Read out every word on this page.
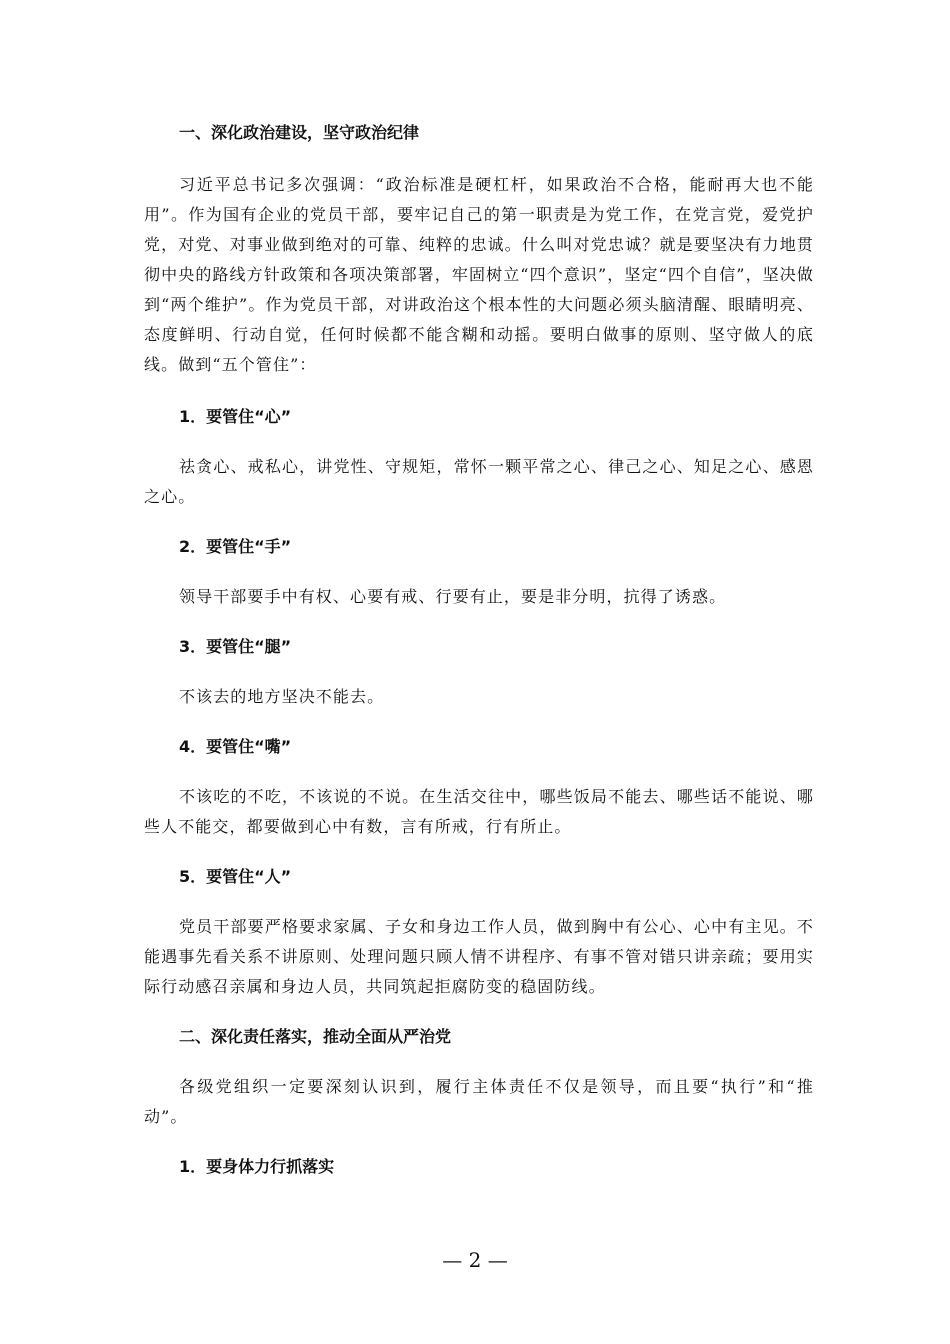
一、深化政治建设，坚守政治纪律

习近平总书记多次强调：“政治标准是硬杠杆，如果政治不合格，能耐再大也不能用”。作为国有企业的党员干部，要牢记自己的第一职责是为党工作，在党言党，爱党护党，对党、对事业做到绝对的可靠、纯粹的忠诚。什么叫对党忠诚？就是要坚决有力地贯彻中央的路线方针政策和各项决策部署，牢固树立“四个意识”，坚定“四个自信”，坚决做到“两个维护”。作为党员干部，对讲政治这个根本性的大问题必须头脑清醒、眼睛明亮、态度鲜明、行动自觉，任何时候都不能含糊和动摇。要明白做事的原则、坚守做人的底线。做到“五个管住”：

1．要管住“心”

祛贪心、戒私心，讲党性、守规矩，常怀一颗平常之心、律己之心、知足之心、感恩之心。

2．要管住“手”

领导干部要手中有权、心要有戒、行要有止，要是非分明，抗得了诱惑。

3．要管住“腿”

不该去的地方坚决不能去。

4．要管住“嘴”

不该吃的不吃，不该说的不说。在生活交往中，哪些饭局不能去、哪些话不能说、哪些人不能交，都要做到心中有数，言有所戒，行有所止。

5．要管住“人”

党员干部要严格要求家属、子女和身边工作人员，做到胸中有公心、心中有主见。不能遇事先看关系不讲原则、处理问题只顾人情不讲程序、有事不管对错只讲亲疏；要用实际行动感召亲属和身边人员，共同筑起拒腐防变的稳固防线。

二、深化责任落实，推动全面从严治党

各级党组织一定要深刻认识到，履行主体责任不仅是领导，而且要“执行”和“推动”。

1．要身体力行抓落实
— 2 —
